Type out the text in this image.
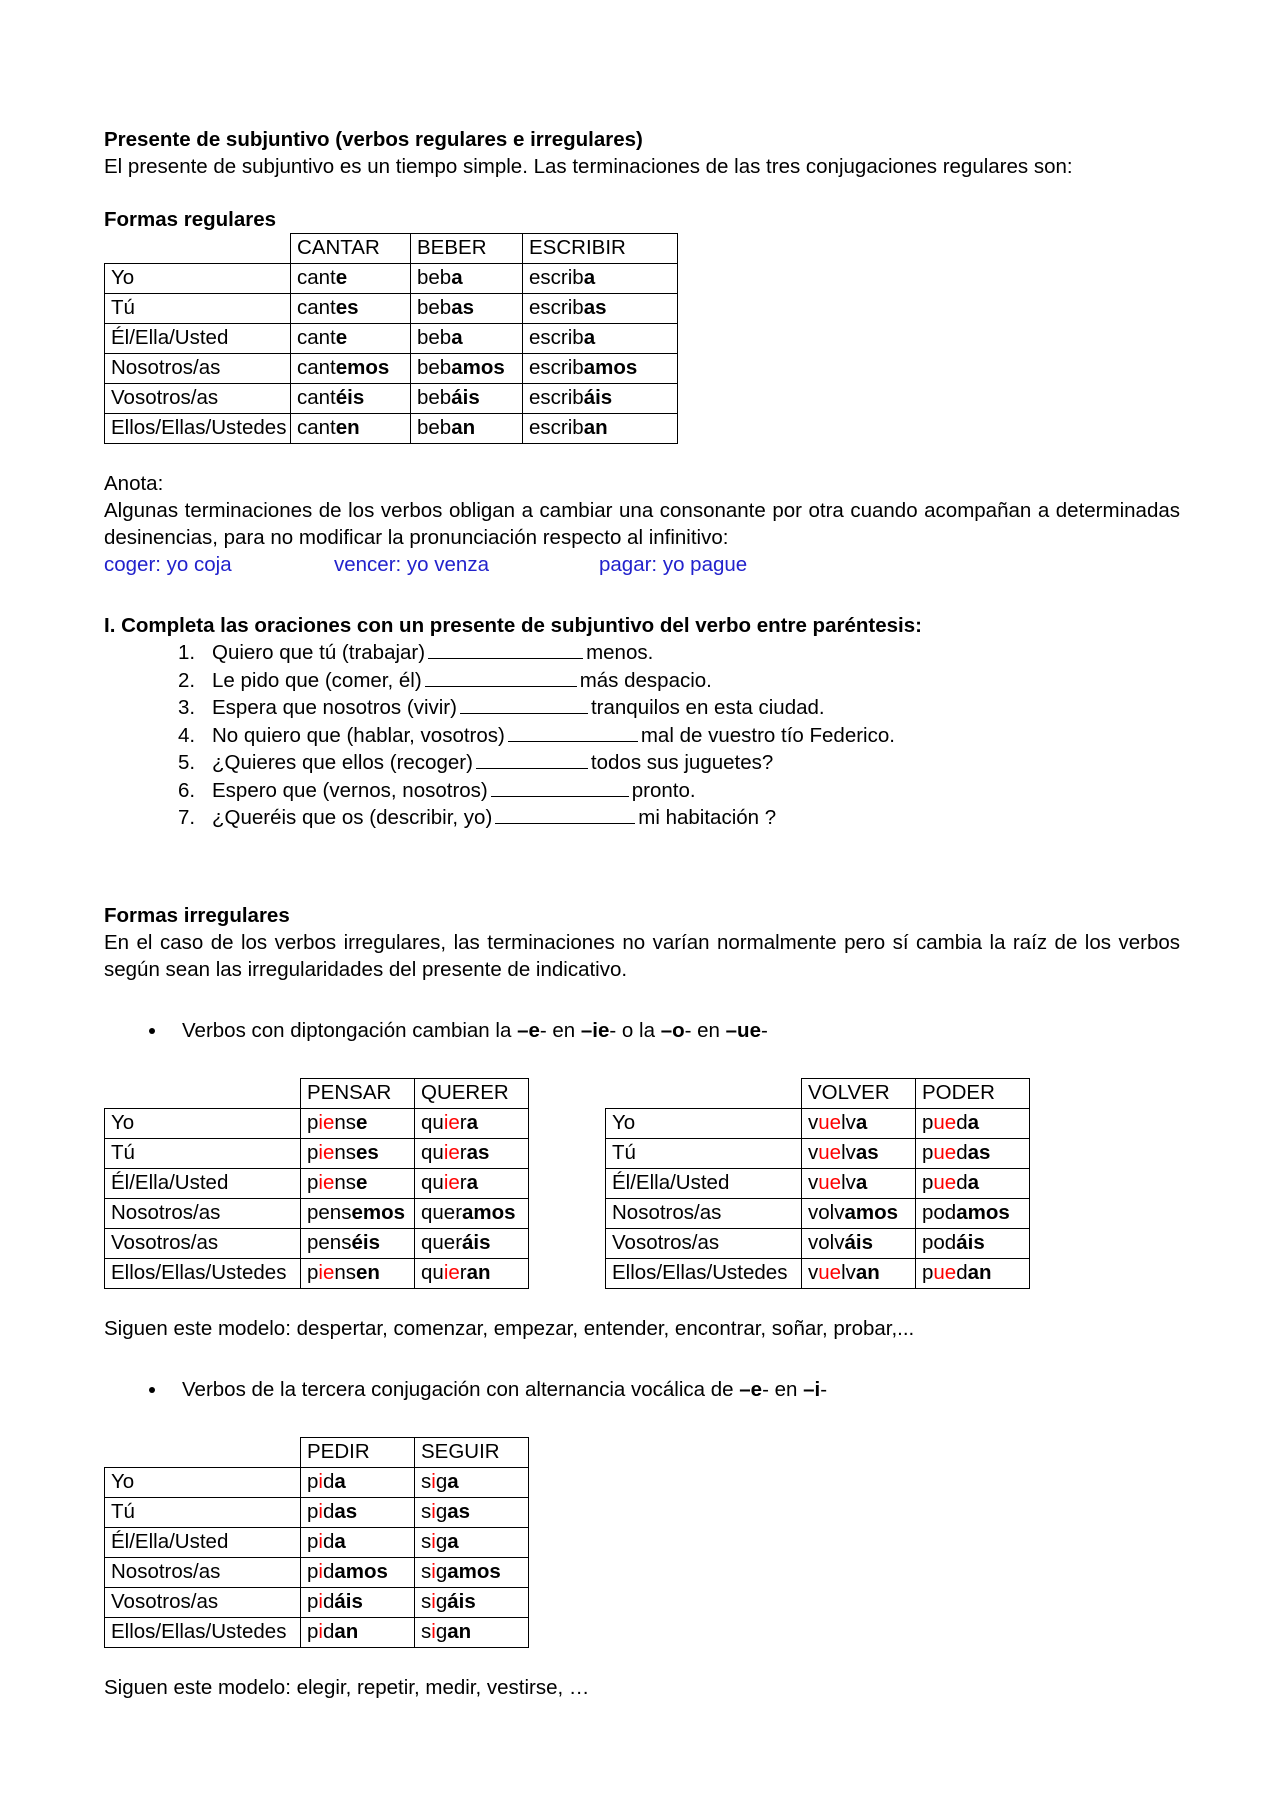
Presente de subjuntivo (verbos regulares e irregulares)

El presente de subjuntivo es un tiempo simple. Las terminaciones de las tres conjugaciones regulares son:

Formas regulares
	CANTAR	BEBER	ESCRIBIR
Yo	cante	beba	escriba
Tú	cantes	bebas	escribas
Él/Ella/Usted	cante	beba	escriba
Nosotros/as	cantemos	bebamos	escribamos
Vosotros/as	cantéis	bebáis	escribáis
Ellos/Ellas/Ustedes	canten	beban	escriban

Anota:

Algunas terminaciones de los verbos obligan a cambiar una consonante por otra cuando acompañan a determinadas desinencias, para no modificar la pronunciación respecto al infinitivo:

coger: yo coja	vencer: yo venza	pagar: yo pague
I. Completa las oraciones con un presente de subjuntivo del verbo entre paréntesis:
1. Quiero que tú (trabajar)	menos.
2. Le pido que (comer, él)	más despacio.
3. Espera que nosotros (vivir)	tranquilos en esta ciudad.
4. No quiero que (hablar, vosotros)	mal de vuestro tío Federico.
5. ¿Quieres que ellos (recoger)	todos sus juguetes?
6. Espero que (vernos, nosotros)	pronto.
7. ¿Queréis que os (describir, yo)	mi habitación ?
Formas irregulares

En el caso de los verbos irregulares, las terminaciones no varían normalmente pero sí cambia la raíz de los verbos según sean las irregularidades del presente de indicativo.

• Verbos con diptongación cambian la –e- en –ie- o la –o- en –ue-
	PENSAR	QUERER
Yo	piense	quiera
Tú	pienses	quieras
Él/Ella/Usted	piense	quiera
Nosotros/as	pensemos	queramos
Vosotros/as	penséis	queráis
Ellos/Ellas/Ustedes	piensen	quieran
	VOLVER	PODER
Yo	vuelva	pueda
Tú	vuelvas	puedas
Él/Ella/Usted	vuelva	pueda
Nosotros/as	volvamos	podamos
Vosotros/as	volváis	podáis
Ellos/Ellas/Ustedes	vuelvan	puedan

Siguen este modelo: despertar, comenzar, empezar, entender, encontrar, soñar, probar,...

• Verbos de la tercera conjugación con alternancia vocálica de –e- en –i-
	PEDIR	SEGUIR
Yo	pida	siga
Tú	pidas	sigas
Él/Ella/Usted	pida	siga
Nosotros/as	pidamos	sigamos
Vosotros/as	pidáis	sigáis
Ellos/Ellas/Ustedes	pidan	sigan

Siguen este modelo: elegir, repetir, medir, vestirse, …
